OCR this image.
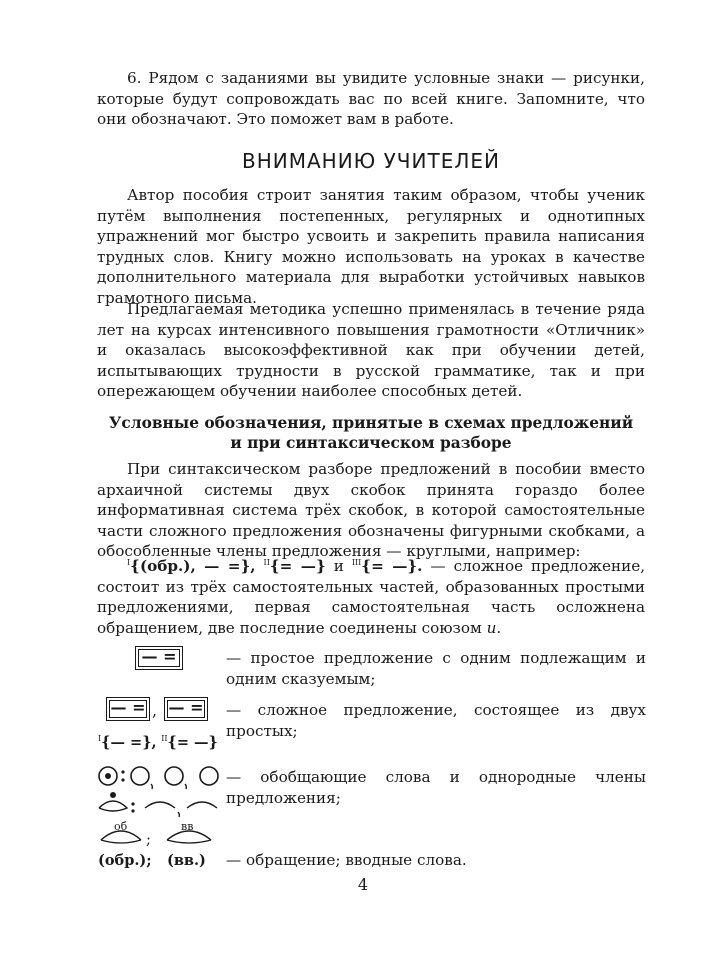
6. Рядом с заданиями вы увидите условные знаки — рисунки, которые будут сопровождать вас по всей книге. Запомните, что они обозначают. Это поможет вам в работе.

ВНИМАНИЮ УЧИТЕЛЕЙ

Автор пособия строит занятия таким образом, чтобы ученик путём выполнения постепенных, регулярных и однотипных упражнений мог быстро усвоить и закрепить правила написания трудных слов. Книгу можно использовать на уроках в качестве дополнительного материала для выработки устойчивых навыков грамотного письма.

Предлагаемая методика успешно применялась в течение ряда лет на курсах интенсивного повышения грамотности «Отличник» и оказалась высокоэффективной как при обучении детей, испытывающих трудности в русской грамматике, так и при опережающем обучении наиболее способных детей.

Условные обозначения, принятые в схемах предложений
и при синтаксическом разборе

При синтаксическом разборе предложений в пособии вместо архаичной системы двух скобок принята гораздо более информативная система трёх скобок, в которой самостоятельные части сложного предложения обозначены фигурными скобками, а обособленные члены предложения — круглыми, например:

$^I${(обр.), — =}, $^{II}${= —} и $^{III}${= —}. — сложное предложение, состоит из трёх самостоятельных частей, образованных простыми предложениями, первая самостоятельная часть осложнена обращением, две последние соединены союзом и.

— =	— простое предложение с одним подлежащим и одним сказуемым;

— = , — =
$^I${— =}, $^{II}${= —}

— сложное предложение, состоящее из двух простых;

— обобщающие слова и однородные члены предложения;

об
;
вв
(обр.); (вв.) — обращение; вводные слова.

4
